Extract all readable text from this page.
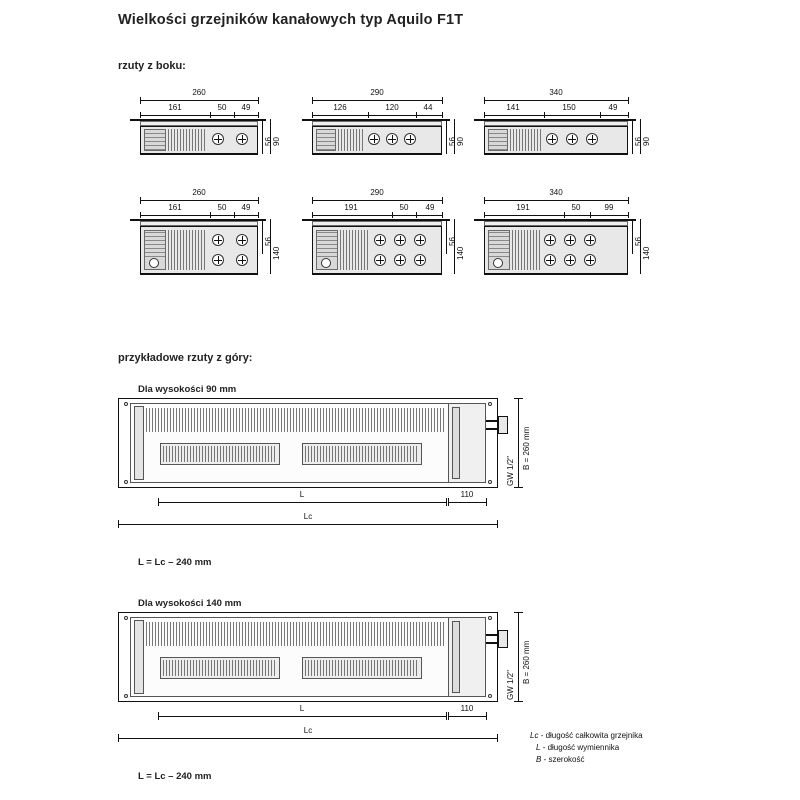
Wielkości grzejników kanałowych typ Aquilo F1T
rzuty z boku:
260
161	50	49
56 90
290
126	120	44
56 90
340
141	150	49
56 90
260
161	50	49
56
140
290
191	50	49
56
140
340
191	50	99
56
140
przykładowe rzuty z góry:
Dla wysokości 90 mm
GW 1/2"
B = 260 mm
110
L
Lc
L = Lc – 240 mm
Dla wysokości 140 mm
GW 1/2"
B = 260 mm
110
L
Lc
L = Lc – 240 mm
Lc - długość całkowita grzejnika
L - długość wymiennika
B - szerokość
